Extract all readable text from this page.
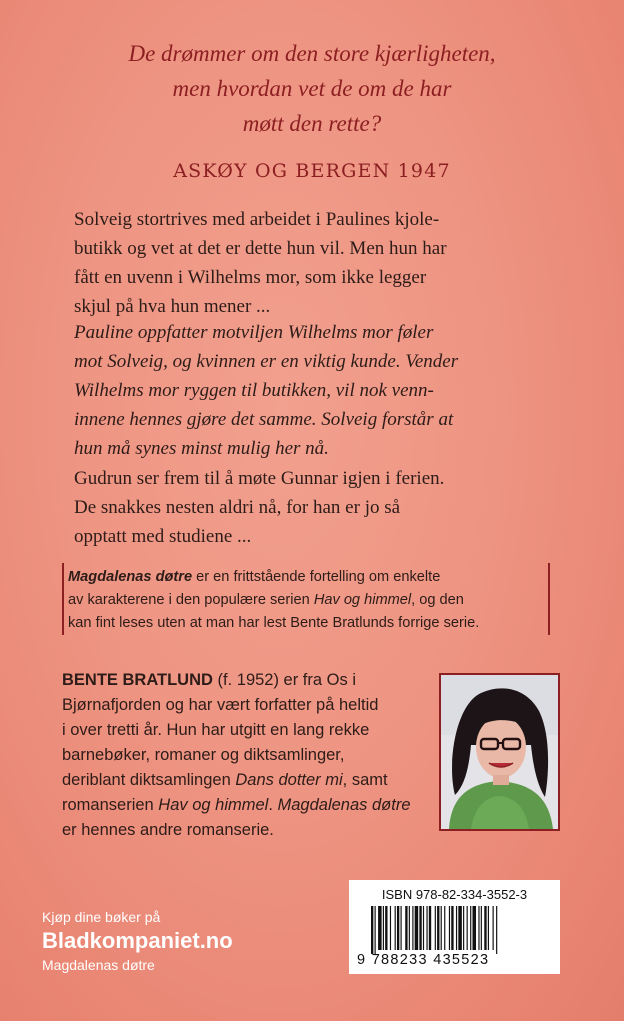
De drømmer om den store kjærligheten,
men hvordan vet de om de har
møtt den rette?
ASKØY OG BERGEN 1947
Solveig stortrives med arbeidet i Paulines kjole-
butikk og vet at det er dette hun vil. Men hun har
fått en uvenn i Wilhelms mor, som ikke legger
skjul på hva hun mener ...
Pauline oppfatter motviljen Wilhelms mor føler
mot Solveig, og kvinnen er en viktig kunde. Vender
Wilhelms mor ryggen til butikken, vil nok venn-
innene hennes gjøre det samme. Solveig forstår at
hun må synes minst mulig her nå.
Gudrun ser frem til å møte Gunnar igjen i ferien.
De snakkes nesten aldri nå, for han er jo så
opptatt med studiene ...
Magdalenas døtre er en frittstående fortelling om enkelte
av karakterene i den populære serien Hav og himmel, og den
kan fint leses uten at man har lest Bente Bratlunds forrige serie.
BENTE BRATLUND (f. 1952) er fra Os i
Bjørnafjorden og har vært forfatter på heltid
i over tretti år. Hun har utgitt en lang rekke
barnebøker, romaner og diktsamlinger,
deriblant diktsamlingen Dans dotter mi, samt
romanserien Hav og himmel. Magdalenas døtre
er hennes andre romanserie.
Kjøp dine bøker på
Bladkompaniet.no
Magdalenas døtre
ISBN 978-82-334-3552-3
9 788233 435523
